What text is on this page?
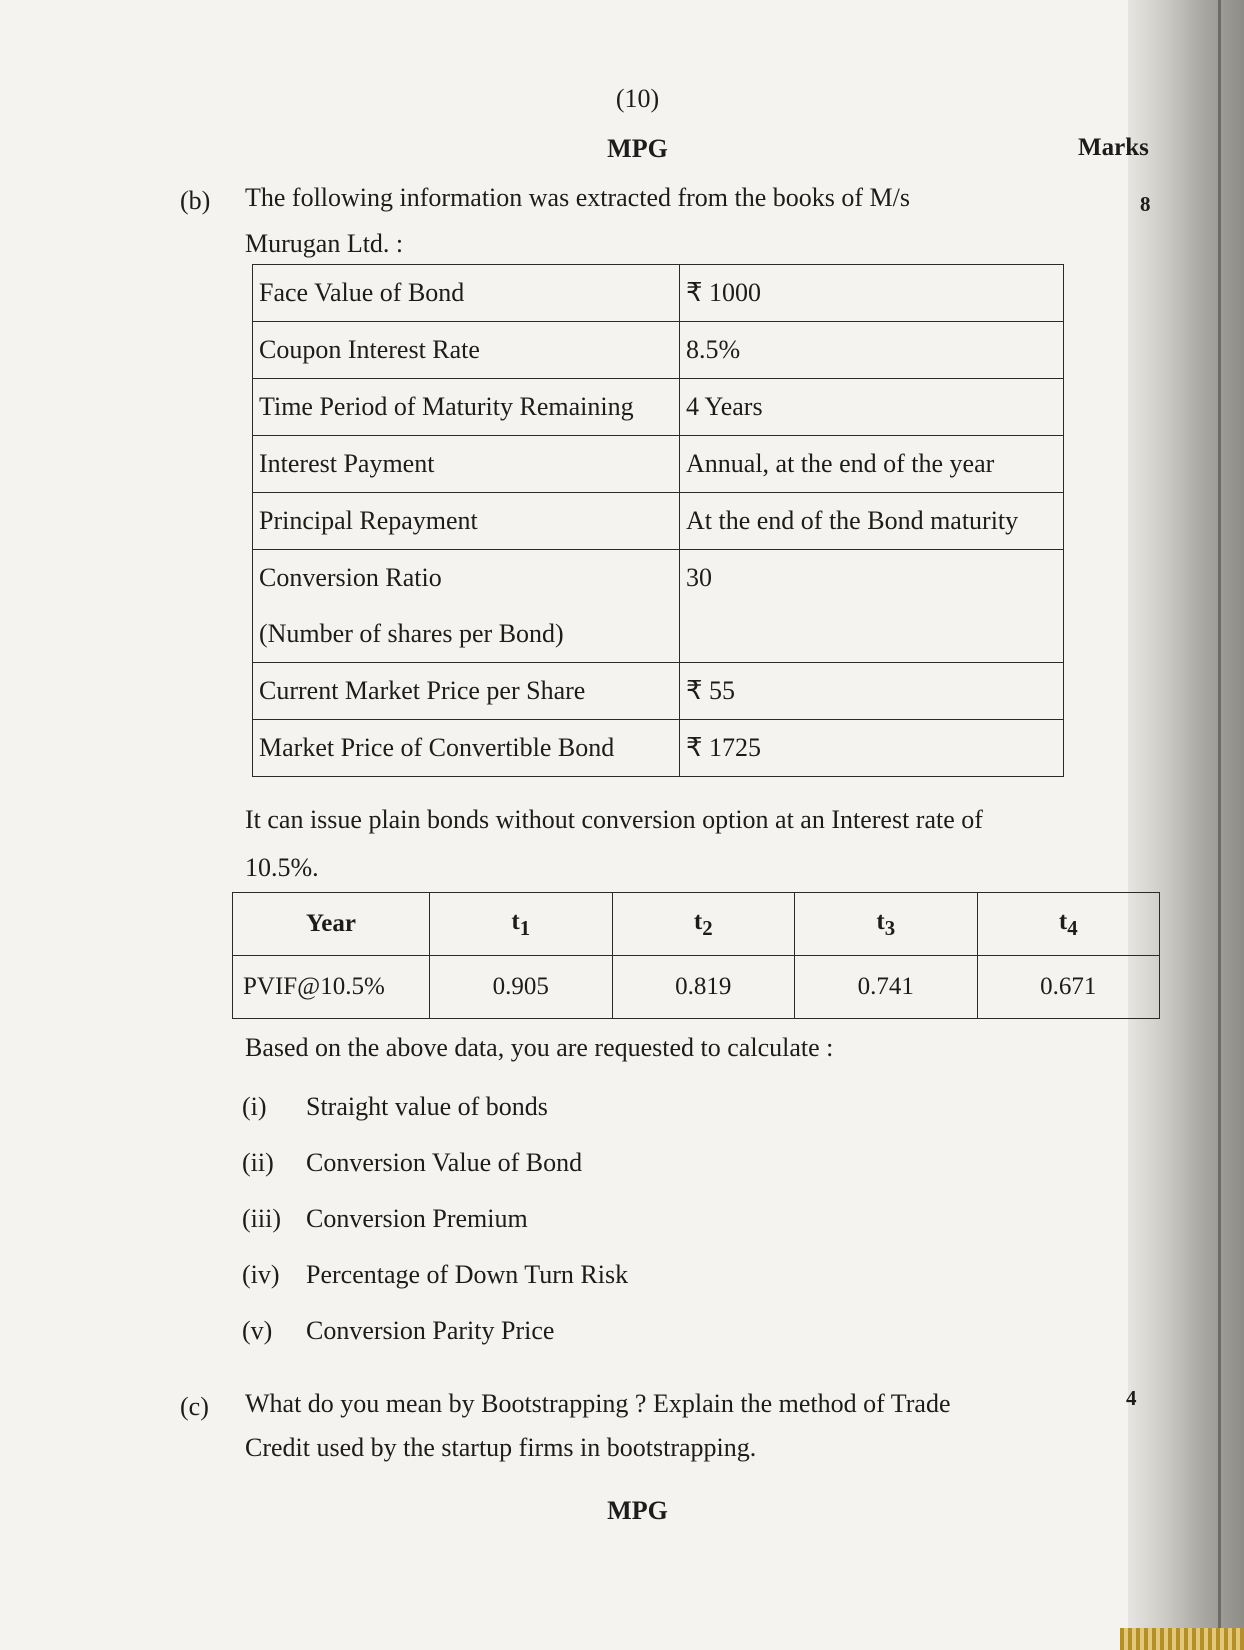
(10)
MPG	Marks
(b)	8
The following information was extracted from the books of M/s
Murugan Ltd. :
Face Value of Bond	₹ 1000

Coupon Interest Rate	8.5%

Time Period of Maturity Remaining	4 Years

Interest Payment	Annual, at the end of the year

Principal Repayment	At the end of the Bond maturity

Conversion Ratio
(Number of shares per Bond)	30

Current Market Price per Share	₹ 55

Market Price of Convertible Bond	₹ 1725
It can issue plain bonds without conversion option at an Interest rate of
10.5%.
Year	$t_1$	$t_2$	$t_3$	$t_4$
PVIF@10.5%	0.905	0.819	0.741	0.671
Based on the above data, you are requested to calculate :
(i) Straight value of bonds
(ii) Conversion Value of Bond
(iii) Conversion Premium
(iv) Percentage of Down Turn Risk
(v) Conversion Parity Price
(c)	4
What do you mean by Bootstrapping ? Explain the method of Trade
Credit used by the startup firms in bootstrapping.
MPG
